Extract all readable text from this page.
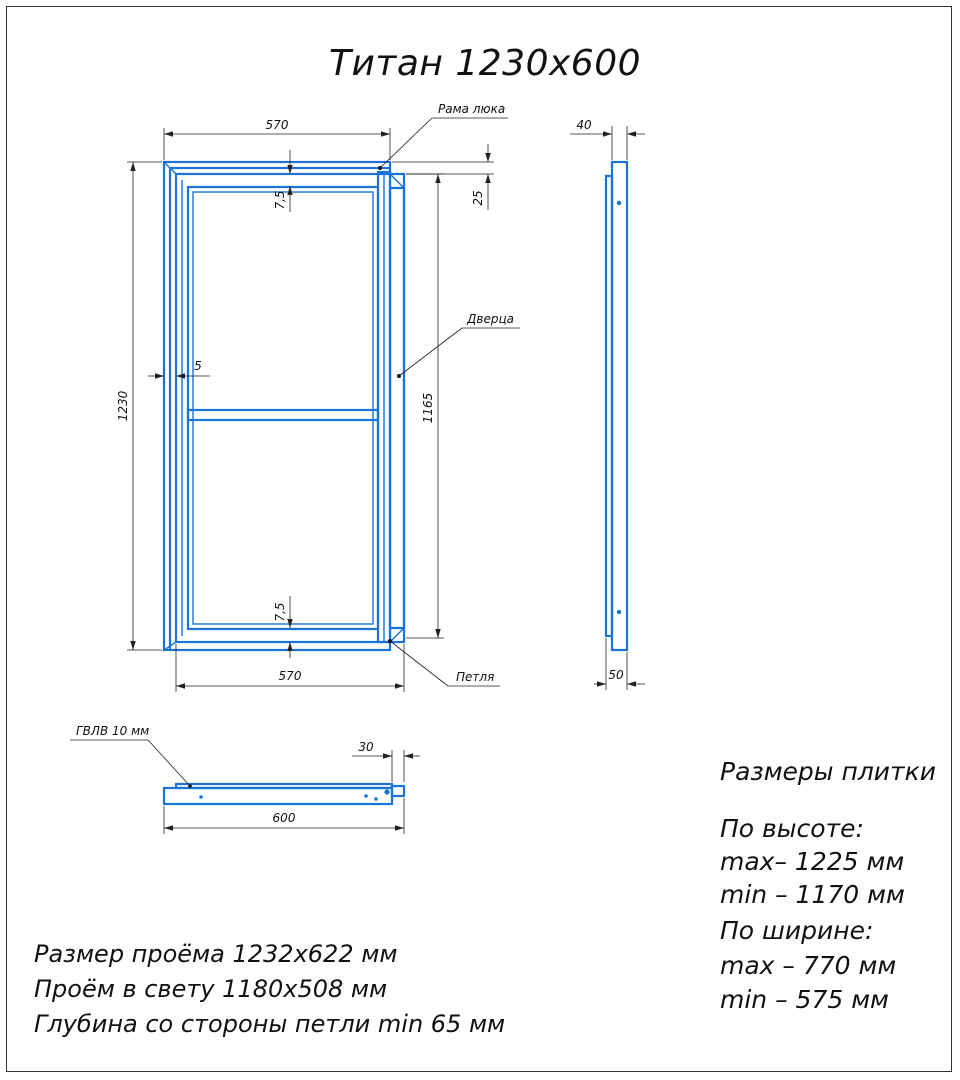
Титан 1230х600
570
570
1230	1165
25
7,5
7,5
5
Рама люка
Дверца
Петля
40
50
ГВЛВ 10 мм
30
600
Размер проёма 1232х622 мм
Проём в свету 1180х508 мм
Глубина со стороны петли min 65 мм
Размеры плитки
По высоте:
max– 1225 мм
min – 1170 мм
По ширине:
max – 770 мм
min – 575 мм
